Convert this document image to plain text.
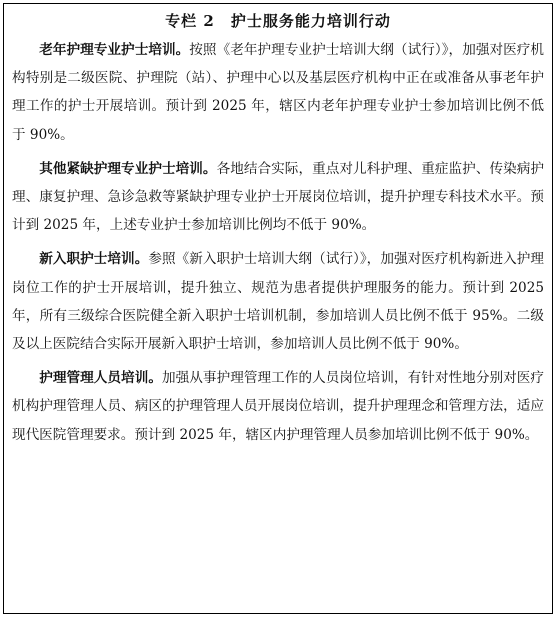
专栏 2　护士服务能力培训行动

老年护理专业护士培训。按照《老年护理专业护士培训大纲（试行）》，加强对医疗机构特别是二级医院、护理院（站）、护理中心以及基层医疗机构中正在或准备从事老年护理工作的护士开展培训。预计到 2025 年，辖区内老年护理专业护士参加培训比例不低于 90%。

其他紧缺护理专业护士培训。各地结合实际，重点对儿科护理、重症监护、传染病护理、康复护理、急诊急救等紧缺护理专业护士开展岗位培训，提升护理专科技术水平。预计到 2025 年，上述专业护士参加培训比例均不低于 90%。

新入职护士培训。参照《新入职护士培训大纲（试行）》，加强对医疗机构新进入护理岗位工作的护士开展培训，提升独立、规范为患者提供护理服务的能力。预计到 2025 年，所有三级综合医院健全新入职护士培训机制，参加培训人员比例不低于 95%。二级及以上医院结合实际开展新入职护士培训，参加培训人员比例不低于 90%。

护理管理人员培训。加强从事护理管理工作的人员岗位培训，有针对性地分别对医疗机构护理管理人员、病区的护理管理人员开展岗位培训，提升护理理念和管理方法，适应现代医院管理要求。预计到 2025 年，辖区内护理管理人员参加培训比例不低于 90%。
